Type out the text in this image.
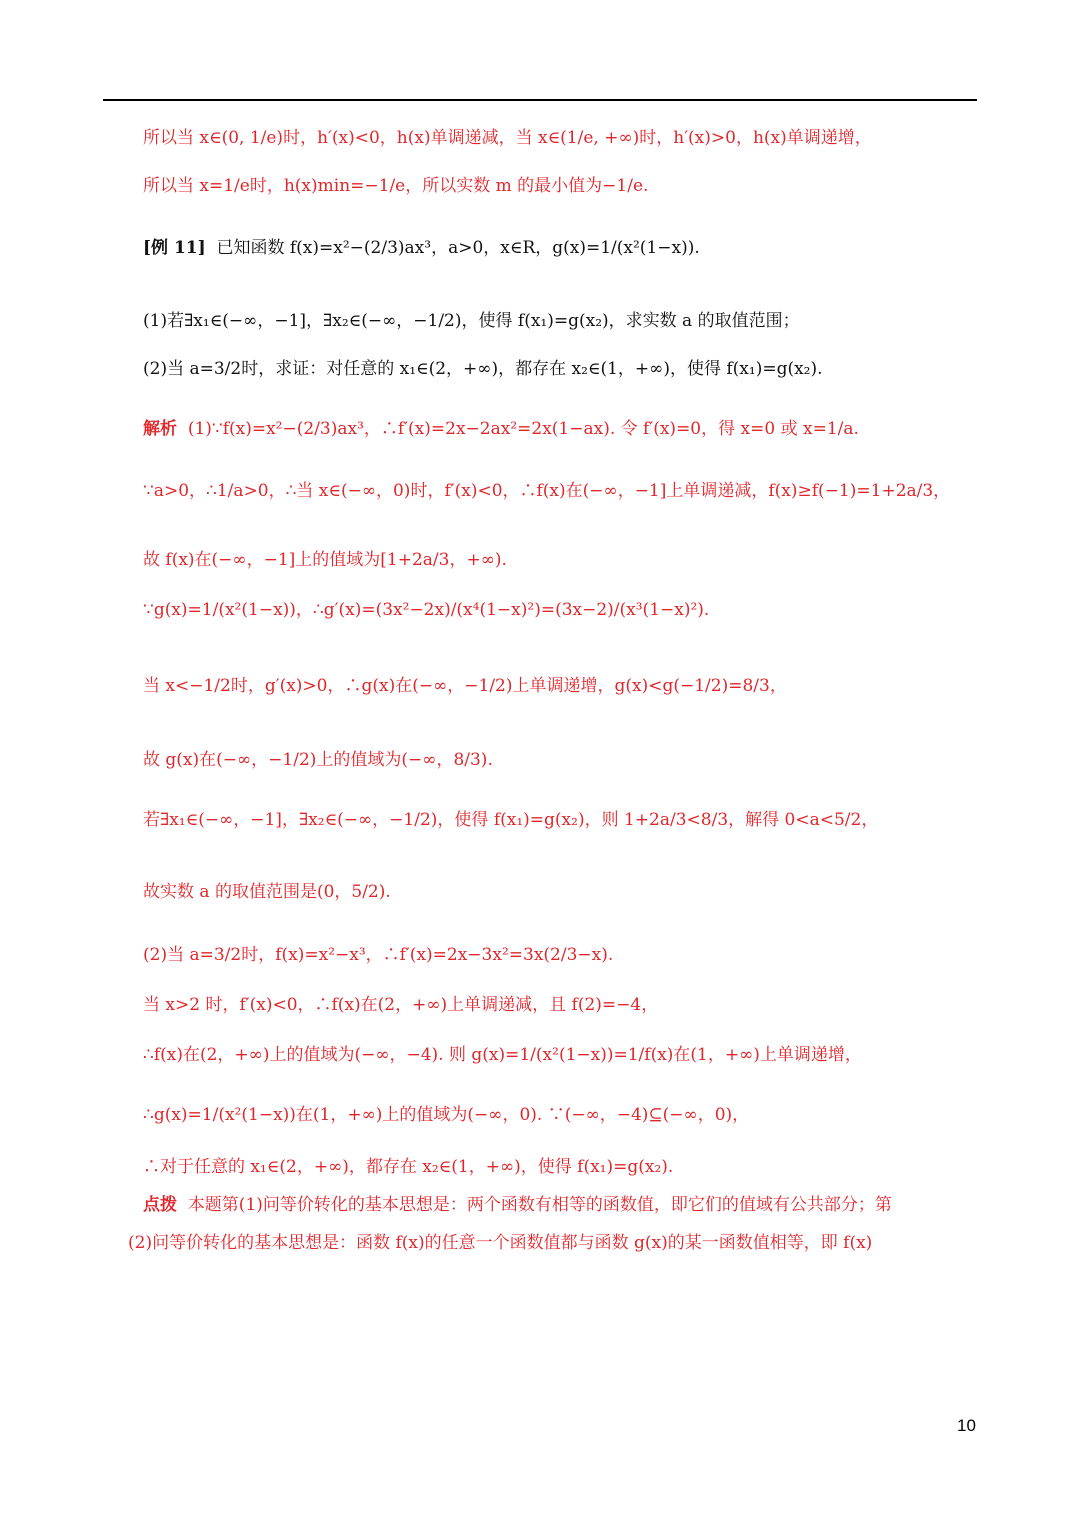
所以当 x∈(0, 1/e)时，h′(x)<0，h(x)单调递减，当 x∈(1/e, +∞)时，h′(x)>0，h(x)单调递增，
所以当 x=1/e时，h(x)min=−1/e，所以实数 m 的最小值为−1/e.
[例 11] 已知函数 f(x)=x²−(2/3)ax³，a>0，x∈R，g(x)=1/(x²(1−x)).
(1)若∃x₁∈(−∞，−1]，∃x₂∈(−∞，−1/2)，使得 f(x₁)=g(x₂)，求实数 a 的取值范围；
(2)当 a=3/2时，求证：对任意的 x₁∈(2，+∞)，都存在 x₂∈(1，+∞)，使得 f(x₁)=g(x₂).
解析 (1)∵f(x)=x²−(2/3)ax³，∴f′(x)=2x−2ax²=2x(1−ax). 令 f′(x)=0，得 x=0 或 x=1/a.
∵a>0，∴1/a>0，∴当 x∈(−∞，0)时，f′(x)<0，∴f(x)在(−∞，−1]上单调递减，f(x)≥f(−1)=1+2a/3，
故 f(x)在(−∞，−1]上的值域为[1+2a/3，+∞).
∵g(x)=1/(x²(1−x))，∴g′(x)=(3x²−2x)/(x⁴(1−x)²)=(3x−2)/(x³(1−x)²).
当 x<−1/2时，g′(x)>0，∴g(x)在(−∞，−1/2)上单调递增，g(x)<g(−1/2)=8/3，
故 g(x)在(−∞，−1/2)上的值域为(−∞，8/3).
若∃x₁∈(−∞，−1]，∃x₂∈(−∞，−1/2)，使得 f(x₁)=g(x₂)，则 1+2a/3<8/3，解得 0<a<5/2，
故实数 a 的取值范围是(0，5/2).
(2)当 a=3/2时，f(x)=x²−x³，∴f′(x)=2x−3x²=3x(2/3−x).
当 x>2 时，f′(x)<0，∴f(x)在(2，+∞)上单调递减，且 f(2)=−4，
∴f(x)在(2，+∞)上的值域为(−∞，−4). 则 g(x)=1/(x²(1−x))=1/f(x)在(1，+∞)上单调递增，
∴g(x)=1/(x²(1−x))在(1，+∞)上的值域为(−∞，0). ∵(−∞，−4)⊆(−∞，0)，
∴对于任意的 x₁∈(2，+∞)，都存在 x₂∈(1，+∞)，使得 f(x₁)=g(x₂).
点拨 本题第(1)问等价转化的基本思想是：两个函数有相等的函数值，即它们的值域有公共部分；第
(2)问等价转化的基本思想是：函数 f(x)的任意一个函数值都与函数 g(x)的某一函数值相等，即 f(x)
10
